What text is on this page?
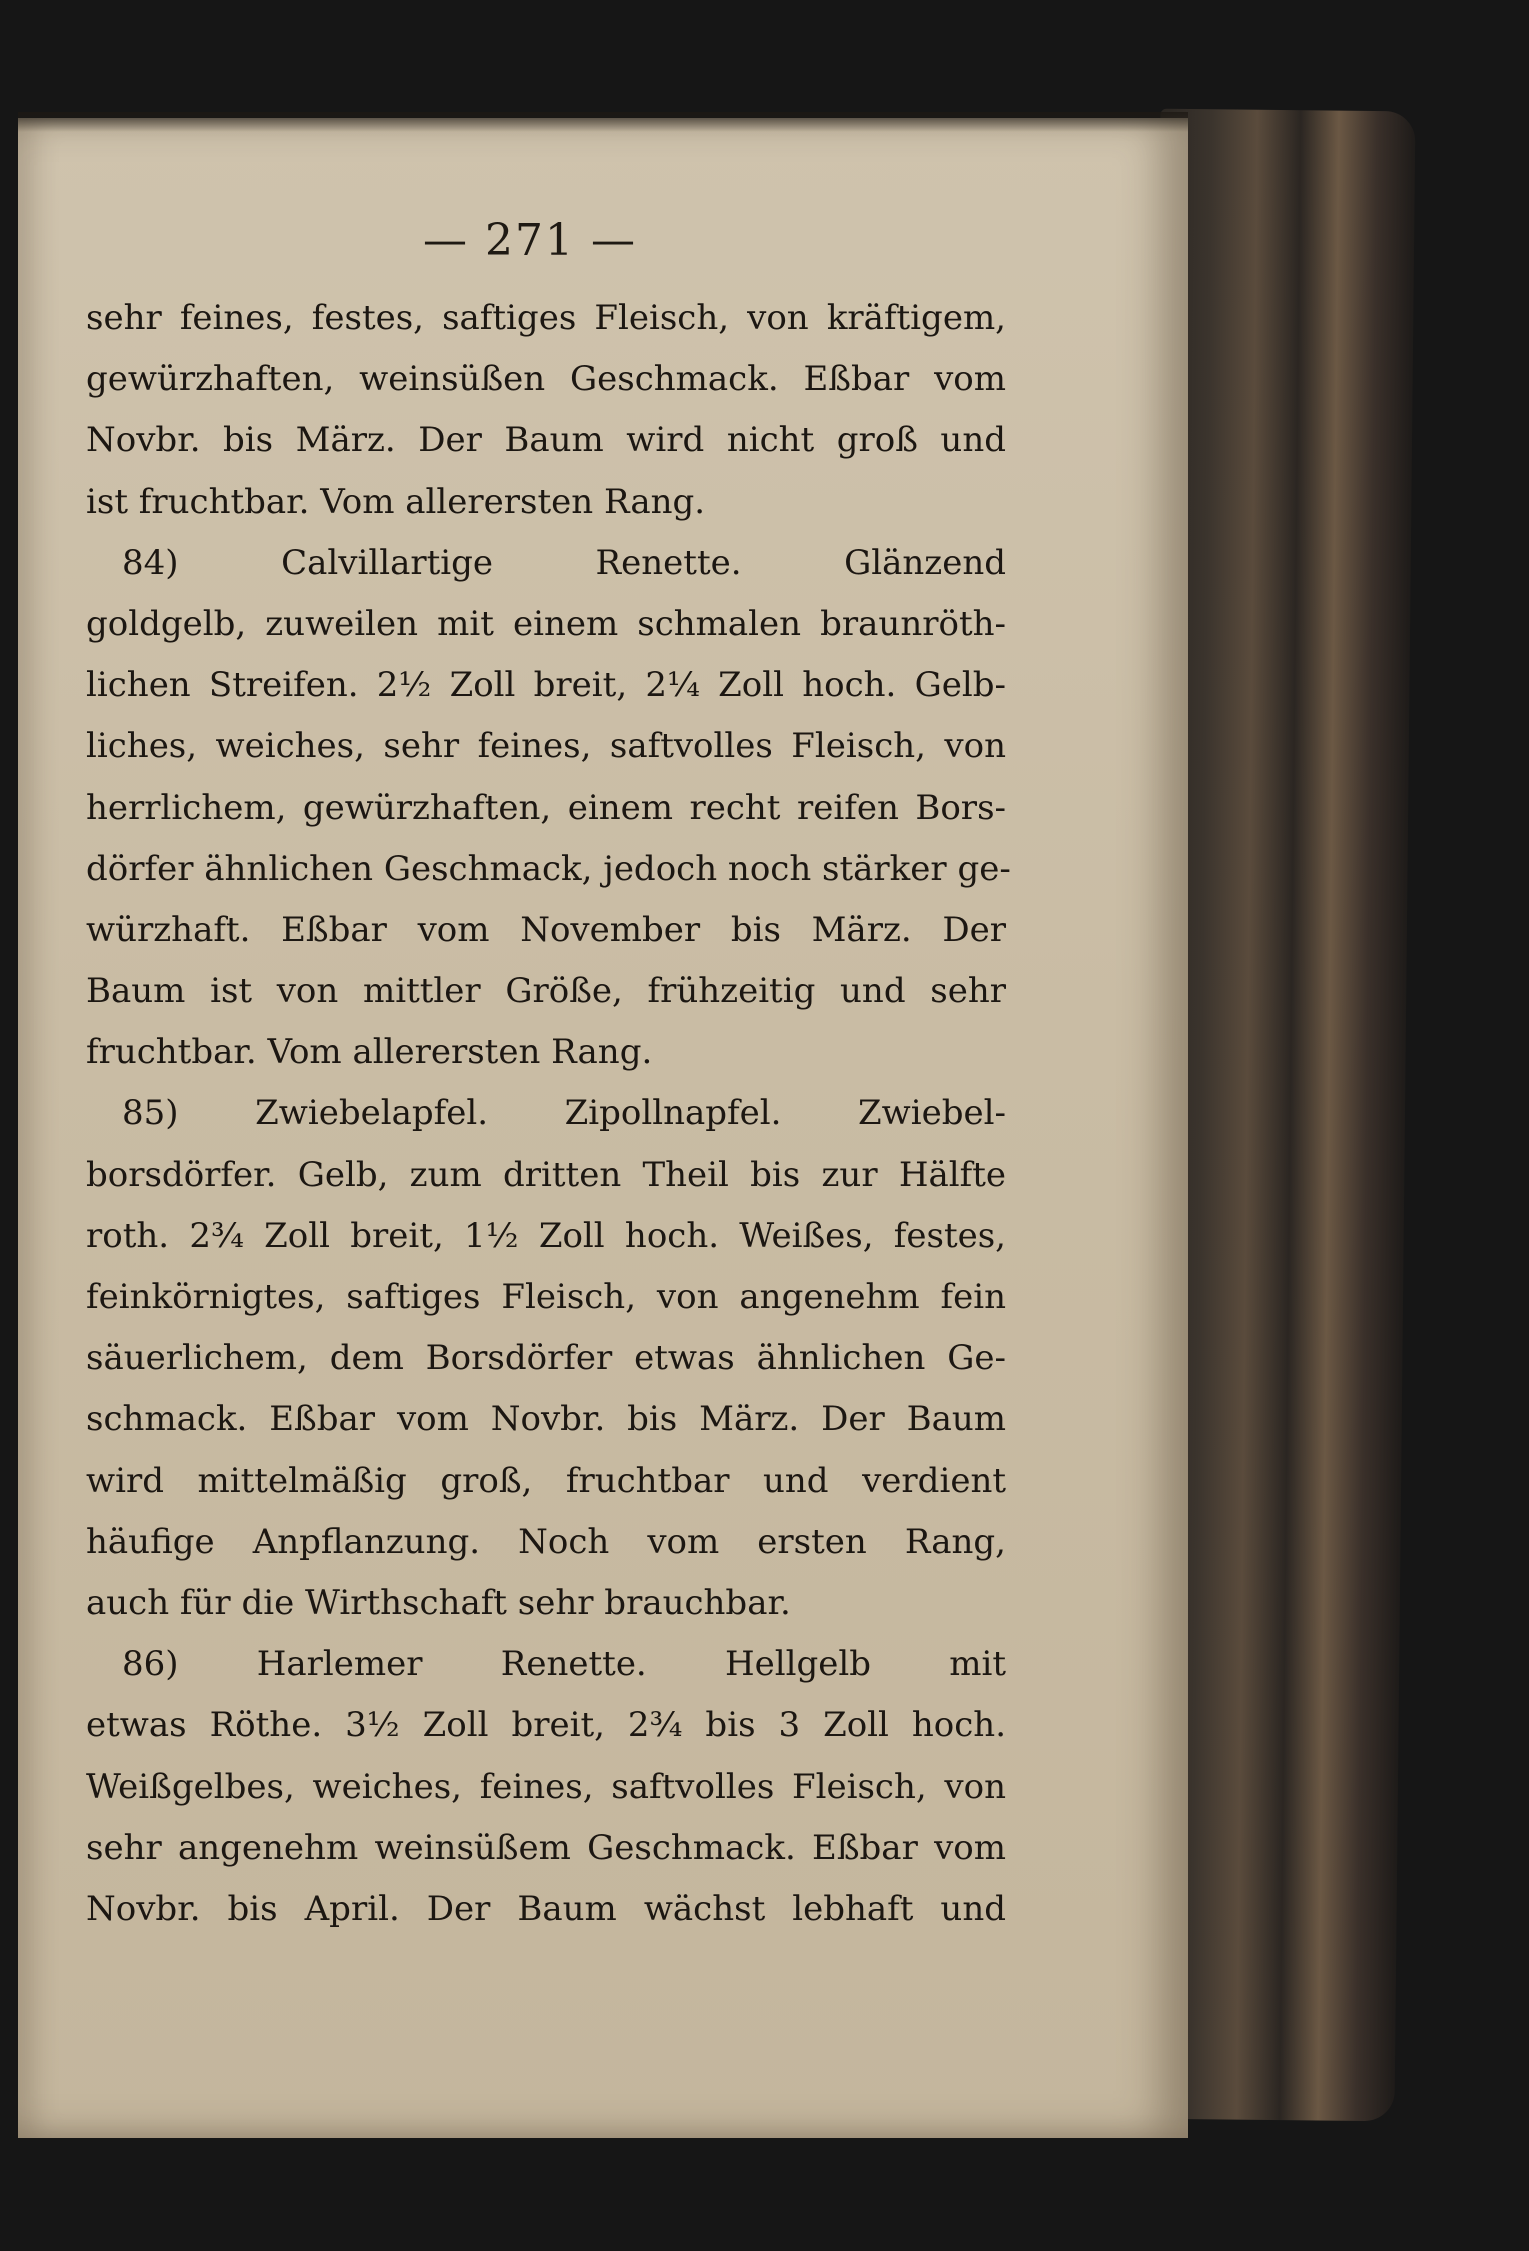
— 271 —
sehr feines, festes, saftiges Fleisch, von kräftigem,
gewürzhaften, weinsüßen Geschmack. Eßbar vom
Novbr. bis März. Der Baum wird nicht groß und
ist fruchtbar. Vom allerersten Rang.
84) Calvillartige Renette. Glänzend
goldgelb, zuweilen mit einem schmalen braunröth-
lichen Streifen. 2½ Zoll breit, 2¼ Zoll hoch. Gelb-
liches, weiches, sehr feines, saftvolles Fleisch, von
herrlichem, gewürzhaften, einem recht reifen Bors-
dörfer ähnlichen Geschmack, jedoch noch stärker ge-
würzhaft. Eßbar vom November bis März. Der
Baum ist von mittler Größe, frühzeitig und sehr
fruchtbar. Vom allerersten Rang.
85) Zwiebelapfel. Zipollnapfel. Zwiebel-
borsdörfer. Gelb, zum dritten Theil bis zur Hälfte
roth. 2¾ Zoll breit, 1½ Zoll hoch. Weißes, festes,
feinkörnigtes, saftiges Fleisch, von angenehm fein
säuerlichem, dem Borsdörfer etwas ähnlichen Ge-
schmack. Eßbar vom Novbr. bis März. Der Baum
wird mittelmäßig groß, fruchtbar und verdient
häufige Anpflanzung. Noch vom ersten Rang,
auch für die Wirthschaft sehr brauchbar.
86) Harlemer Renette. Hellgelb mit
etwas Röthe. 3½ Zoll breit, 2¾ bis 3 Zoll hoch.
Weißgelbes, weiches, feines, saftvolles Fleisch, von
sehr angenehm weinsüßem Geschmack. Eßbar vom
Novbr. bis April. Der Baum wächst lebhaft und
